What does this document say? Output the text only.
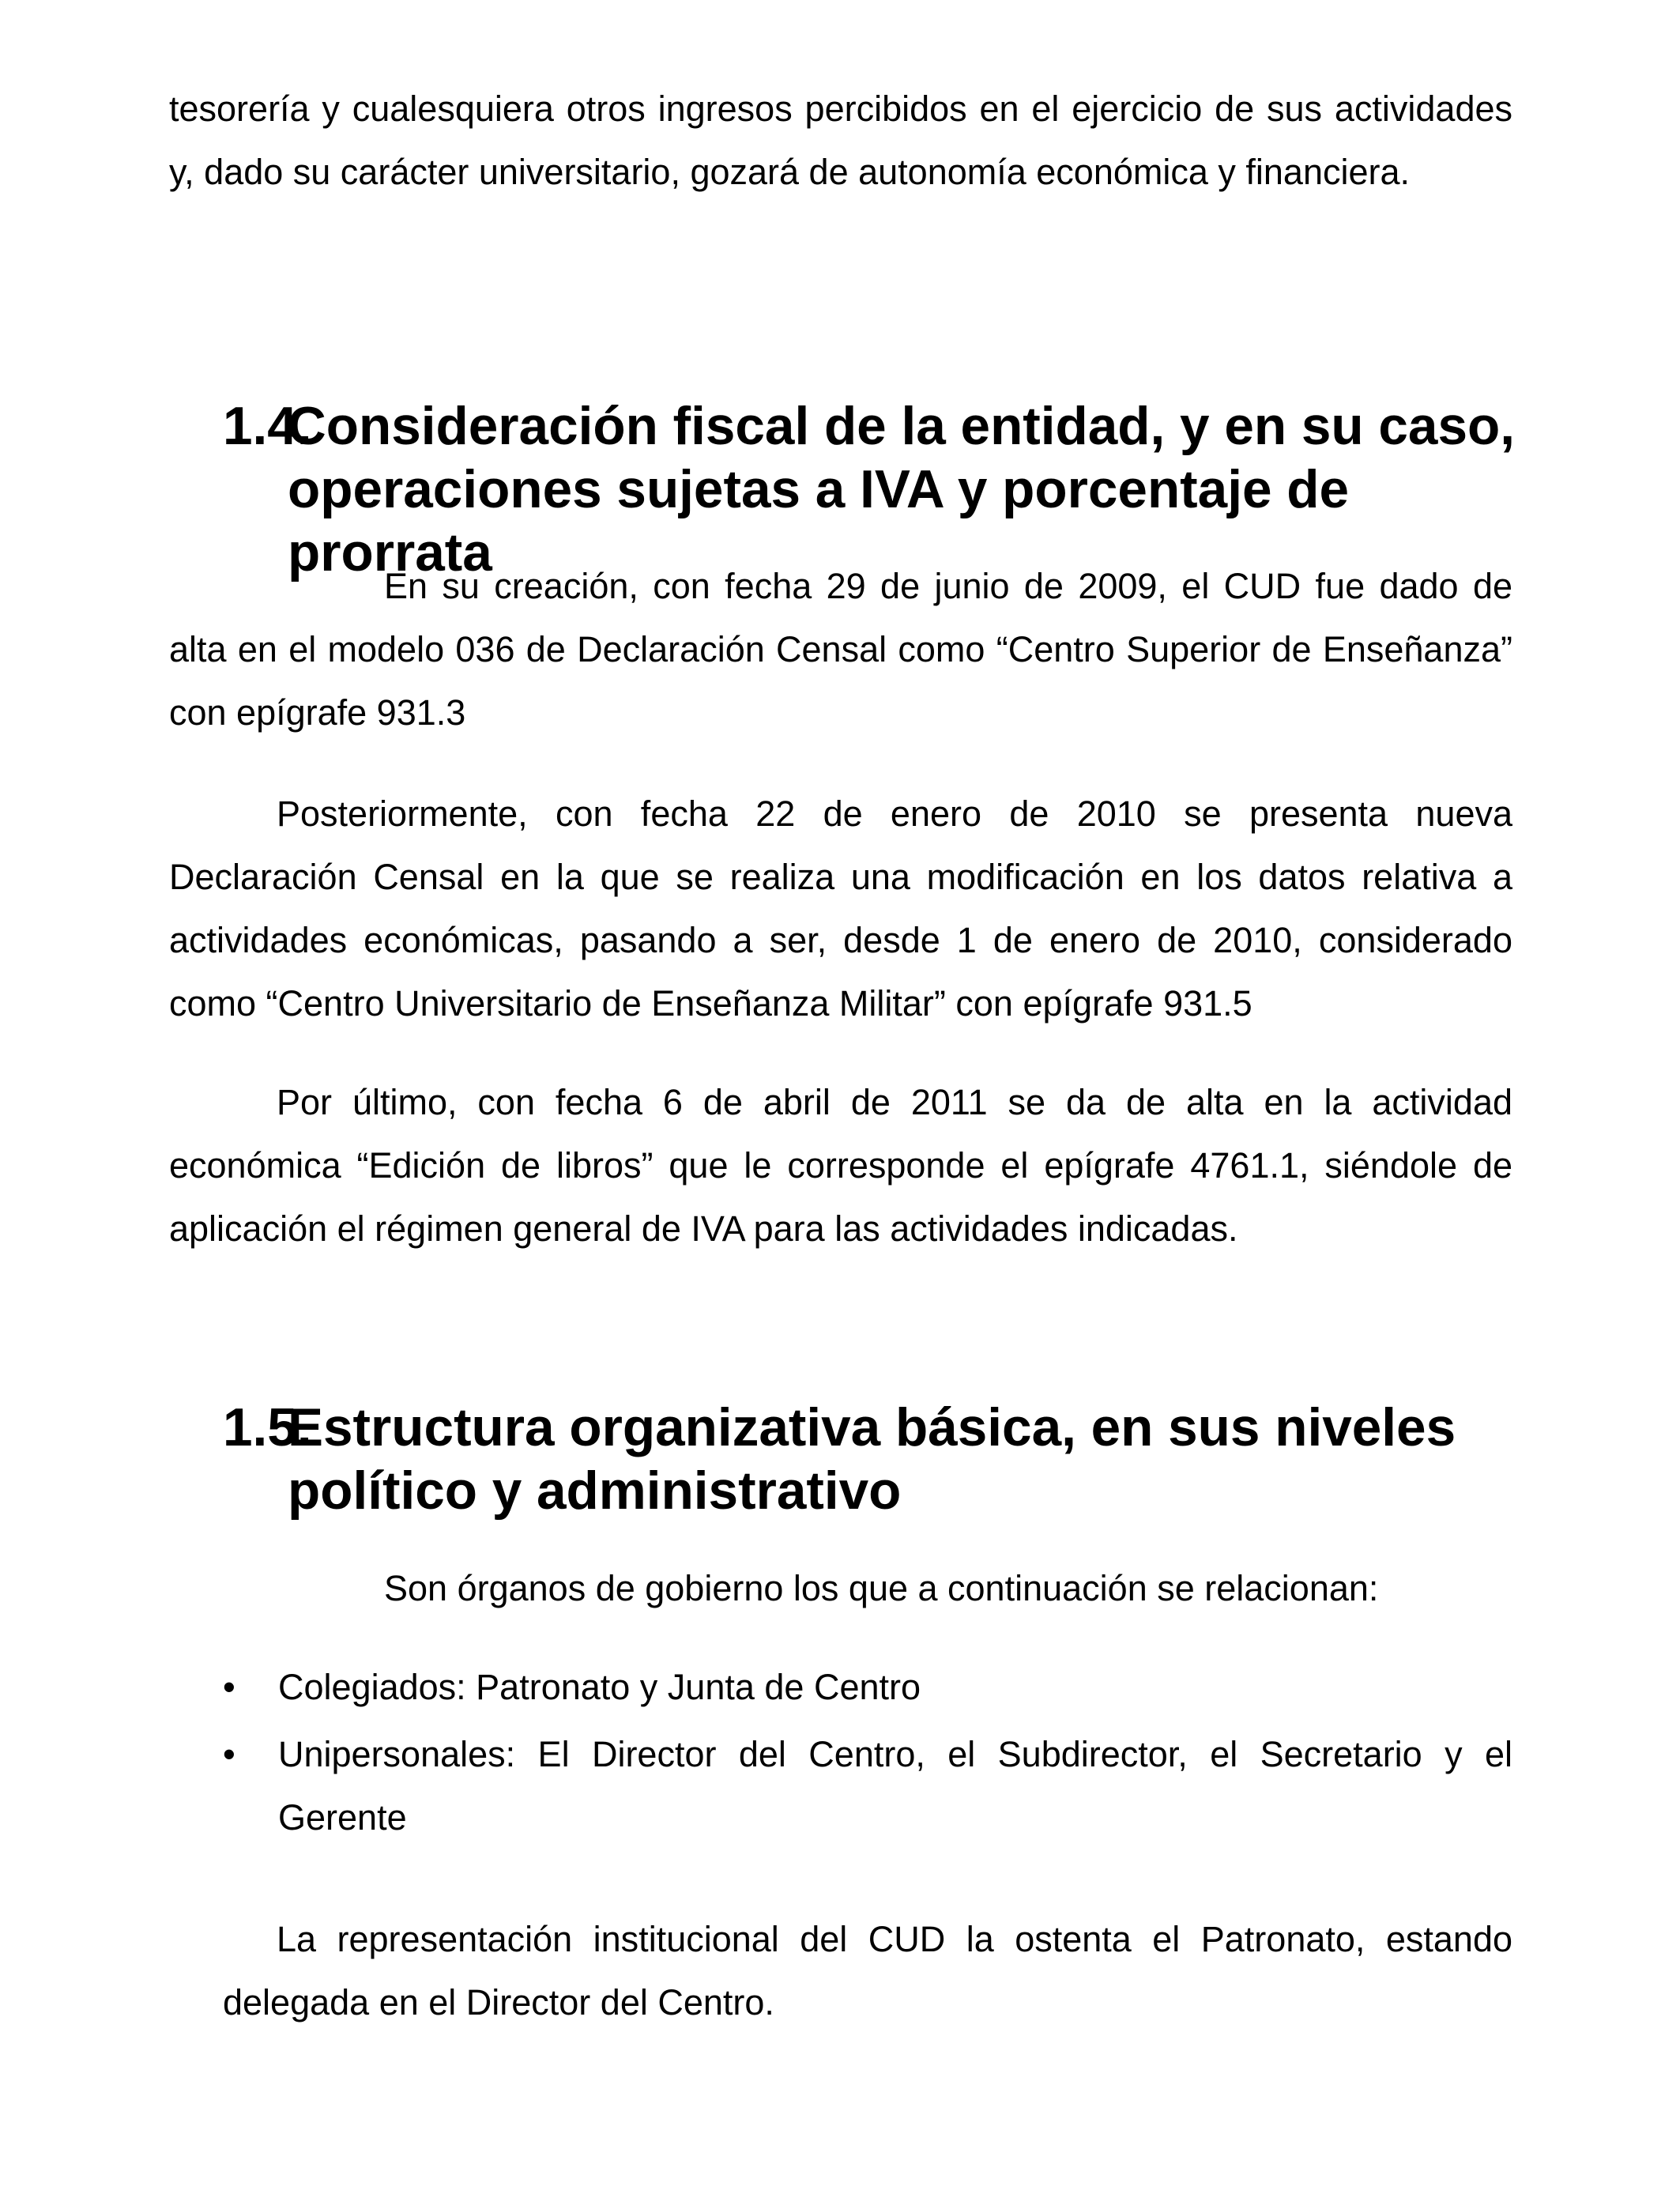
tesorería y cualesquiera otros ingresos percibidos en el ejercicio de sus actividades y, dado su carácter universitario, gozará de autonomía económica y financiera.

1.4.
Consideración fiscal de la entidad, y en su caso, operaciones sujetas a IVA y porcentaje de prorrata

En su creación, con fecha 29 de junio de 2009, el CUD fue dado de alta en el modelo 036 de Declaración Censal como “Centro Superior de Enseñanza” con epígrafe 931.3

Posteriormente, con fecha 22 de enero de 2010 se presenta nueva Declaración Censal en la que se realiza una modificación en los datos relativa a actividades económicas, pasando a ser, desde 1 de enero de 2010, considerado como “Centro Universitario de Enseñanza Militar” con epígrafe 931.5

Por último, con fecha 6 de abril de 2011 se da de alta en la actividad económica “Edición de libros” que le corresponde el epígrafe 4761.1, siéndole de aplicación el régimen general de IVA para las actividades indicadas.

1.5.
Estructura organizativa básica, en sus niveles político y administrativo

Son órganos de gobierno los que a continuación se relacionan:

• Colegiados: Patronato y Junta de Centro
• Unipersonales: El Director del Centro, el Subdirector, el Secretario y el Gerente

La representación institucional del CUD la ostenta el Patronato, estando delegada en el Director del Centro.
